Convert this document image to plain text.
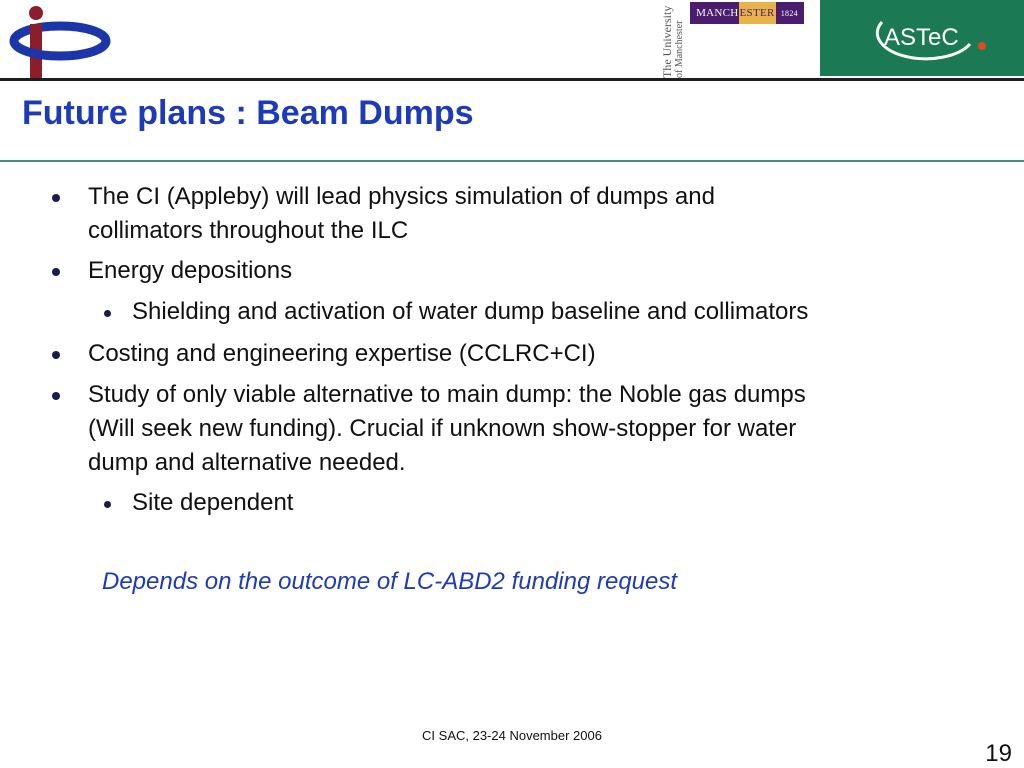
The University of Manchester
MANCHESTER 1824
ASTeC
Future plans : Beam Dumps
The CI (Appleby) will lead physics simulation of dumps and
collimators throughout the ILC
Energy depositions
Shielding and activation of water dump baseline and collimators
Costing and engineering expertise (CCLRC+CI)
Study of only viable alternative to main dump: the Noble gas dumps
(Will seek new funding). Crucial if unknown show-stopper for water
dump and alternative needed.
Site dependent
Depends on the outcome of LC-ABD2 funding request
CI SAC, 23-24 November 2006
19
